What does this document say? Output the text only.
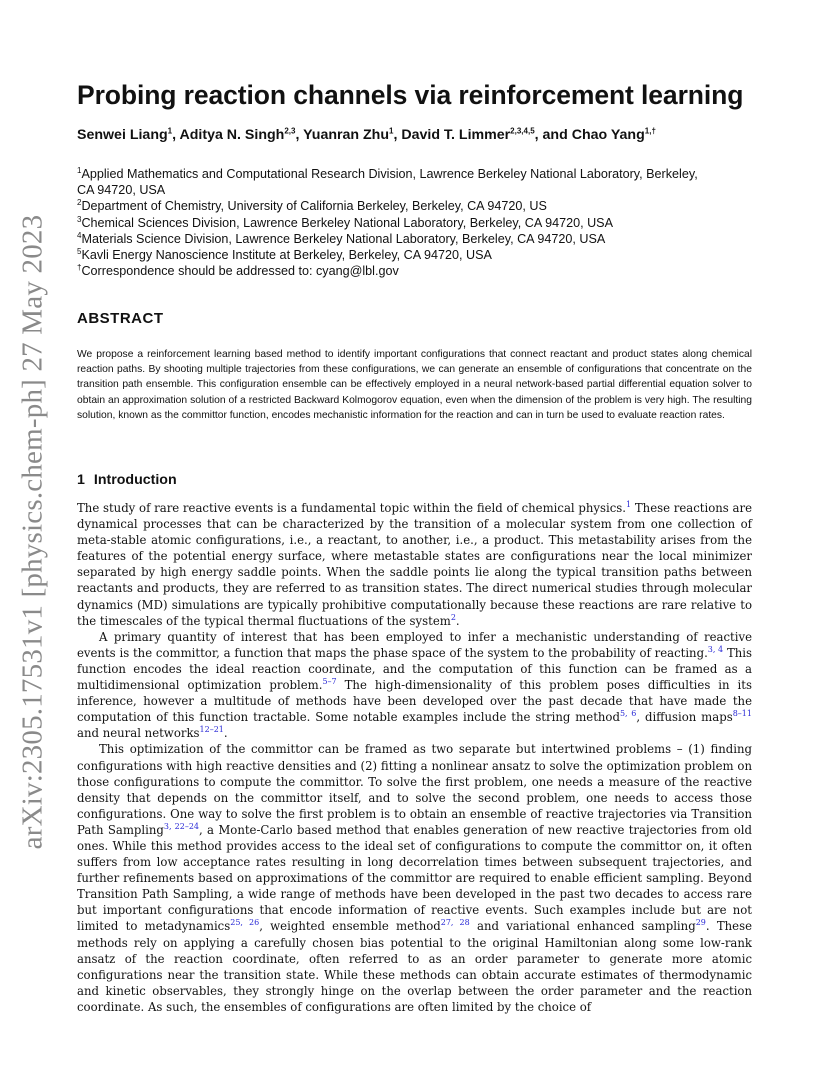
arXiv:2305.17531v1 [physics.chem-ph] 27 May 2023
Probing reaction channels via reinforcement learning
Senwei Liang$^1$, Aditya N. Singh$^{2,3}$, Yuanran Zhu$^1$, David T. Limmer$^{2,3,4,5}$, and Chao Yang$^{1,\dagger}$
$^1$Applied Mathematics and Computational Research Division, Lawrence Berkeley National Laboratory, Berkeley,
CA 94720, USA
$^2$Department of Chemistry, University of California Berkeley, Berkeley, CA 94720, US
$^3$Chemical Sciences Division, Lawrence Berkeley National Laboratory, Berkeley, CA 94720, USA
$^4$Materials Science Division, Lawrence Berkeley National Laboratory, Berkeley, CA 94720, USA
$^5$Kavli Energy Nanoscience Institute at Berkeley, Berkeley, CA 94720, USA
†Correspondence should be addressed to: cyang@lbl.gov
ABSTRACT
We propose a reinforcement learning based method to identify important configurations that connect reactant and product states along chemical reaction paths. By shooting multiple trajectories from these configurations, we can generate an ensemble of configurations that concentrate on the transition path ensemble. This configuration ensemble can be effectively employed in a neural network-based partial differential equation solver to obtain an approximation solution of a restricted Backward Kolmogorov equation, even when the dimension of the problem is very high. The resulting solution, known as the committor function, encodes mechanistic information for the reaction and can in turn be used to evaluate reaction rates.
1 Introduction

The study of rare reactive events is a fundamental topic within the field of chemical physics.$^1$ These reactions are dynamical processes that can be characterized by the transition of a molecular system from one collection of meta-stable atomic configurations, i.e., a reactant, to another, i.e., a product. This metastability arises from the features of the potential energy surface, where metastable states are configurations near the local minimizer separated by high energy saddle points. When the saddle points lie along the typical transition paths between reactants and products, they are referred to as transition states. The direct numerical studies through molecular dynamics (MD) simulations are typically prohibitive computationally because these reactions are rare relative to the timescales of the typical thermal fluctuations of the system$^2$.

A primary quantity of interest that has been employed to infer a mechanistic understanding of reactive events is the committor, a function that maps the phase space of the system to the probability of reacting.$^{3, 4}$ This function encodes the ideal reaction coordinate, and the computation of this function can be framed as a multidimensional optimization problem.$^{5-7}$ The high-dimensionality of this problem poses difficulties in its inference, however a multitude of methods have been developed over the past decade that have made the computation of this function tractable. Some notable examples include the string method$^{5, 6}$, diffusion maps$^{8-11}$ and neural networks$^{12-21}$.

This optimization of the committor can be framed as two separate but intertwined problems – (1) finding configurations with high reactive densities and (2) fitting a nonlinear ansatz to solve the optimization problem on those configurations to compute the committor. To solve the first problem, one needs a measure of the reactive density that depends on the committor itself, and to solve the second problem, one needs to access those configurations. One way to solve the first problem is to obtain an ensemble of reactive trajectories via Transition Path Sampling$^{3, 22-24}$, a Monte-Carlo based method that enables generation of new reactive trajectories from old ones. While this method provides access to the ideal set of configurations to compute the committor on, it often suffers from low acceptance rates resulting in long decorrelation times between subsequent trajectories, and further refinements based on approximations of the committor are required to enable efficient sampling. Beyond Transition Path Sampling, a wide range of methods have been developed in the past two decades to access rare but important configurations that encode information of reactive events. Such examples include but are not limited to metadynamics$^{25, 26}$, weighted ensemble method$^{27, 28}$ and variational enhanced sampling$^{29}$. These methods rely on applying a carefully chosen bias potential to the original Hamiltonian along some low-rank ansatz of the reaction coordinate, often referred to as an order parameter to generate more atomic configurations near the transition state. While these methods can obtain accurate estimates of thermodynamic and kinetic observables, they strongly hinge on the overlap between the order parameter and the reaction coordinate. As such, the ensembles of configurations are often limited by the choice of
